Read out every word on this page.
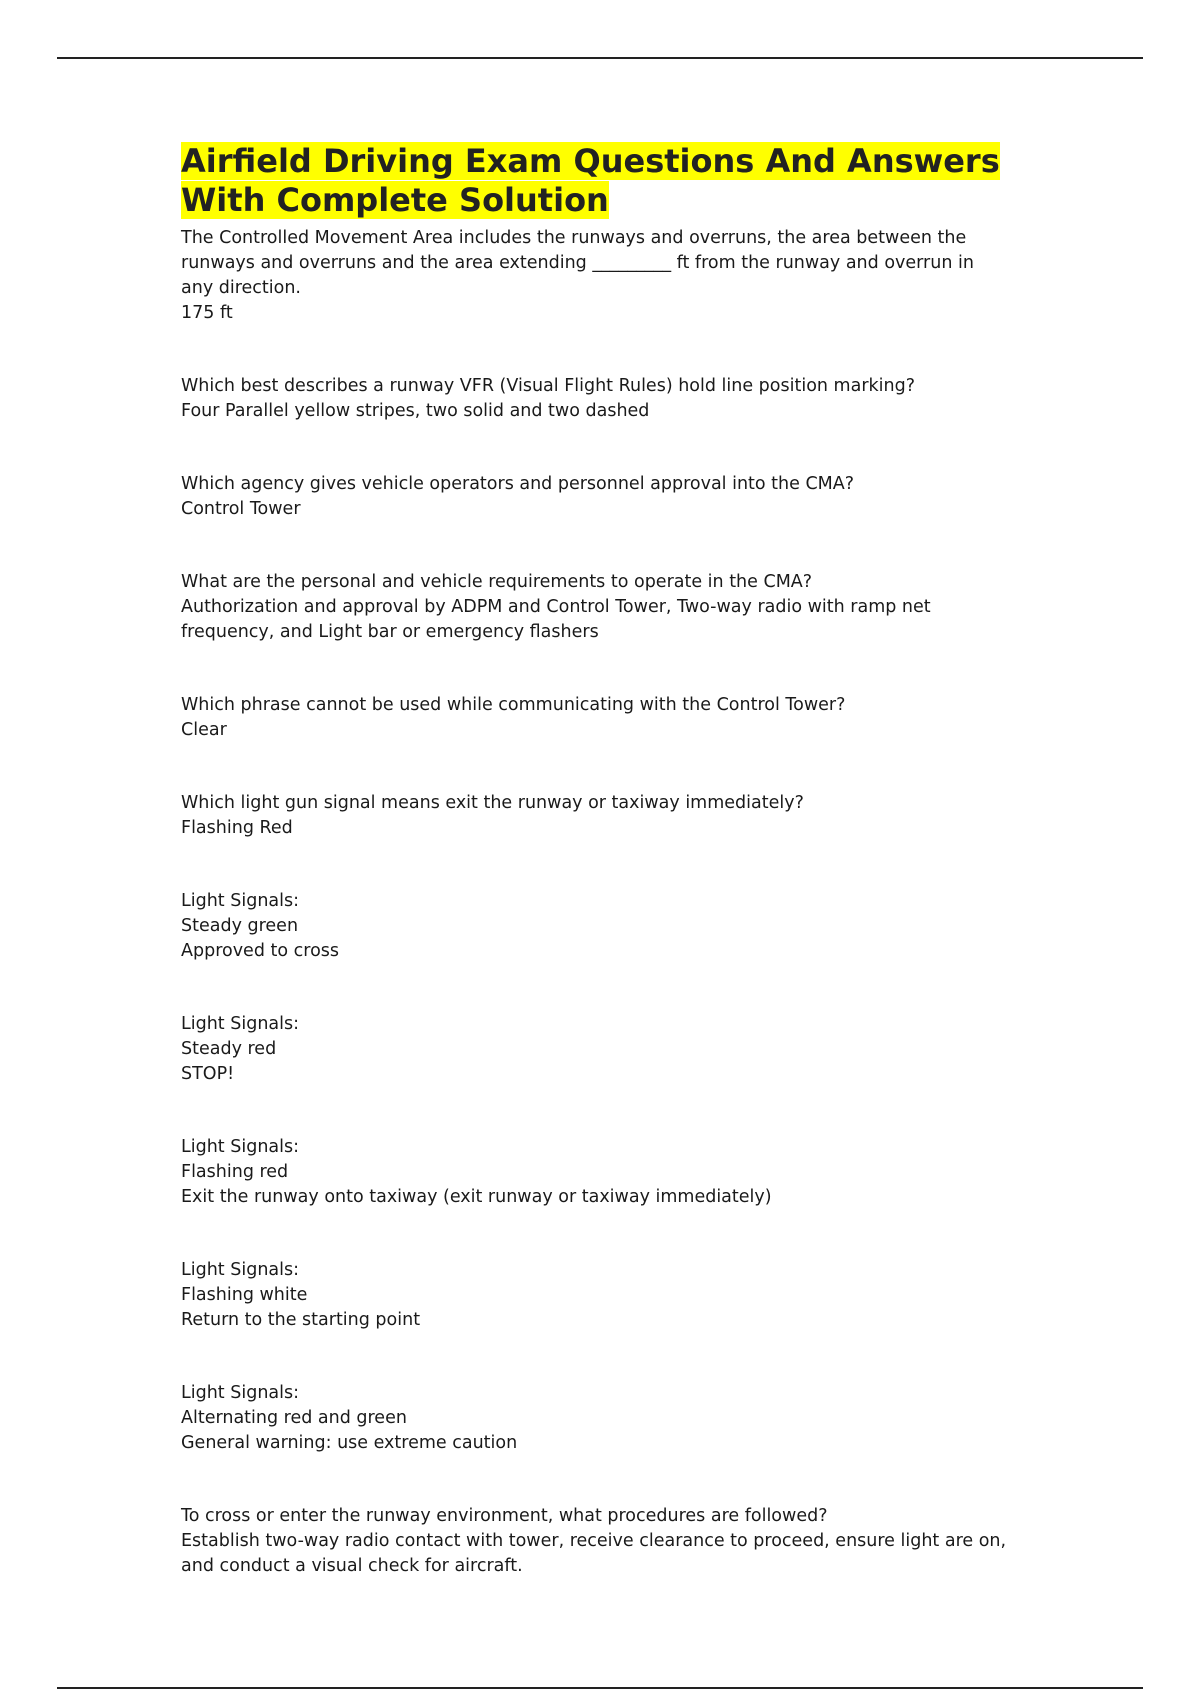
Airfield Driving Exam Questions And Answers
With Complete Solution

The Controlled Movement Area includes the runways and overruns, the area between the runways and overruns and the area extending _________ ft from the runway and overrun in any direction.
175 ft

Which best describes a runway VFR (Visual Flight Rules) hold line position marking?
Four Parallel yellow stripes, two solid and two dashed

Which agency gives vehicle operators and personnel approval into the CMA?
Control Tower

What are the personal and vehicle requirements to operate in the CMA?
Authorization and approval by ADPM and Control Tower, Two-way radio with ramp net frequency, and Light bar or emergency flashers

Which phrase cannot be used while communicating with the Control Tower?
Clear

Which light gun signal means exit the runway or taxiway immediately?
Flashing Red

Light Signals:
Steady green
Approved to cross

Light Signals:
Steady red
STOP!

Light Signals:
Flashing red
Exit the runway onto taxiway (exit runway or taxiway immediately)

Light Signals:
Flashing white
Return to the starting point

Light Signals:
Alternating red and green
General warning: use extreme caution

To cross or enter the runway environment, what procedures are followed?
Establish two-way radio contact with tower, receive clearance to proceed, ensure light are on, and conduct a visual check for aircraft.
